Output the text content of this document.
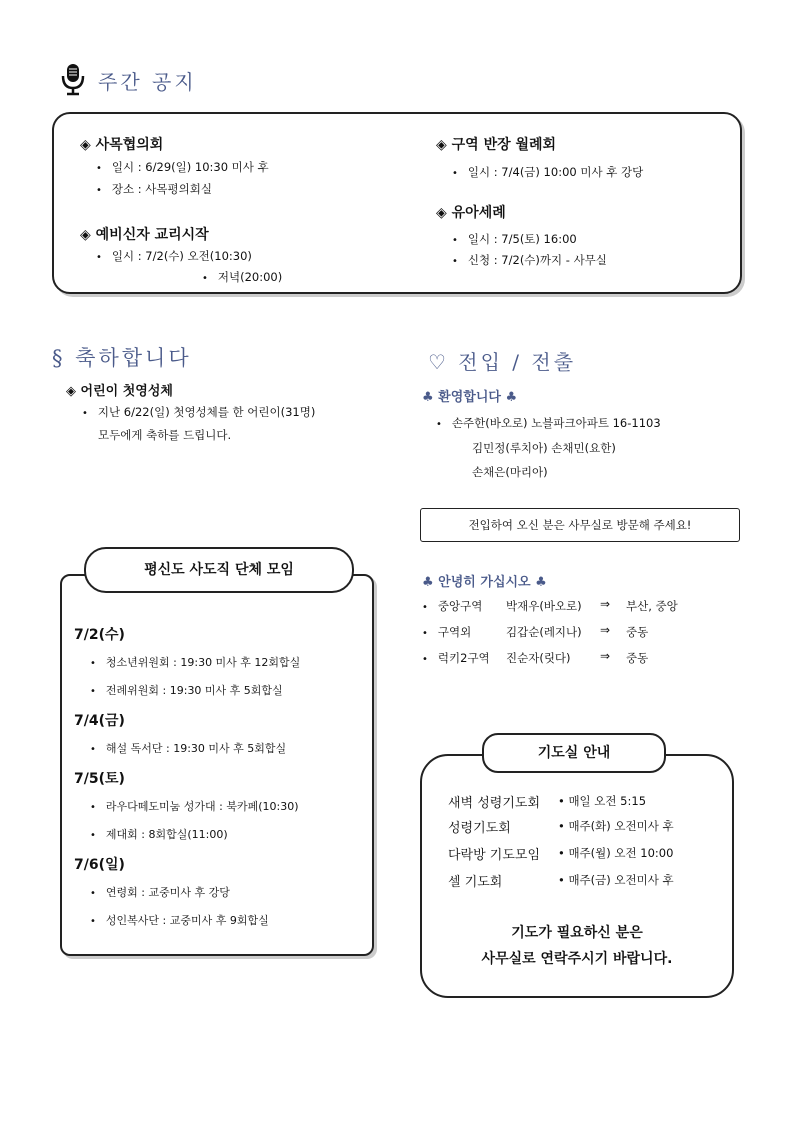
주간 공지
◈ 사목협의회
• 일시 : 6/29(일) 10:30 미사 후
• 장소 : 사목평의회실
◈ 예비신자 교리시작
• 일시 : 7/2(수) 오전(10:30)
• 저녁(20:00)
◈ 구역 반장 월례회
• 일시 : 7/4(금) 10:00 미사 후 강당
◈ 유아세례
• 일시 : 7/5(토) 16:00
• 신청 : 7/2(수)까지 - 사무실
§ 축하합니다
◈ 어린이 첫영성체
• 지난 6/22(일) 첫영성체를 한 어린이(31명)
모두에게 축하를 드립니다.
♡ 전입 / 전출
♣ 환영합니다 ♣
• 손주한(바오로) 노블파크아파트 16-1103
김민정(루치아) 손채민(요한)
손채은(마리아)
전입하여 오신 분은 사무실로 방문해 주세요!
♣ 안녕히 가십시오 ♣
• 중앙구역 박재우(바오로) ⇒ 부산, 중앙
• 구역외	김갑순(레지나) ⇒ 중동
• 럭키2구역 진순자(릿다) ⇒ 중동
7/2(수)
• 청소년위원회 : 19:30 미사 후 12회합실
• 전례위원회 : 19:30 미사 후 5회합실
7/4(금)
• 해설 독서단 : 19:30 미사 후 5회합실
7/5(토)
• 라우다떼도미눔 성가대 : 북카페(10:30)
• 제대회 : 8회합실(11:00)
7/6(일)
• 연령회 : 교중미사 후 강당
• 성인복사단 : 교중미사 후 9회합실
평신도 사도직 단체 모임
새벽 성령기도회 • 매일 오전 5:15
성령기도회	• 매주(화) 오전미사 후
다락방 기도모임 • 매주(월) 오전 10:00
셀 기도회	• 매주(금) 오전미사 후
기도가 필요하신 분은
사무실로 연락주시기 바랍니다.
기도실 안내
